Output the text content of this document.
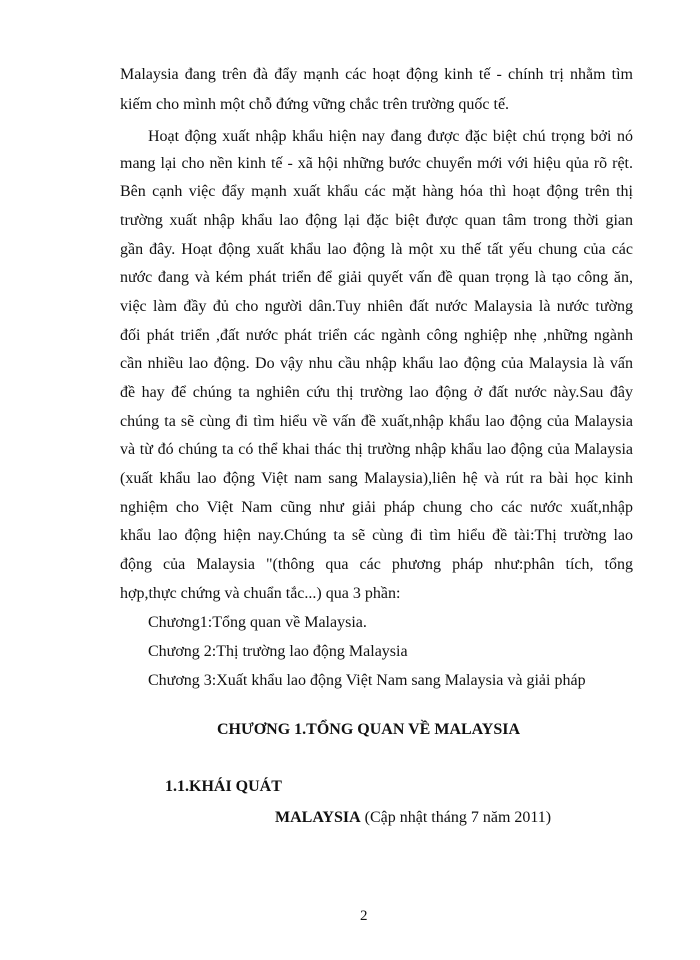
Malaysia đang trên đà đẩy mạnh các hoạt động kinh tế - chính trị nhằm tìm
kiếm cho mình một chỗ đứng vững chắc trên trường quốc tế.
Hoạt động xuất nhập khẩu hiện nay đang được đặc biệt chú trọng bởi nó
mang lại cho nền kinh tế - xã hội những bước chuyển mới với hiệu qủa rõ rệt.
Bên cạnh việc đẩy mạnh xuất khẩu các mặt hàng hóa thì hoạt động trên thị
trường xuất nhập khẩu lao động lại đặc biệt được quan tâm trong thời gian
gần đây. Hoạt động xuất khẩu lao động là một xu thế tất yếu chung của các
nước đang và kém phát triển để giải quyết vấn đề quan trọng là tạo công ăn,
việc làm đầy đủ cho người dân.Tuy nhiên đất nước Malaysia là nước tường
đối phát triển ,đất nước phát triển các ngành công nghiệp nhẹ ,những ngành
cần nhiều lao động. Do vậy nhu cầu nhập khẩu lao động của Malaysia là vấn
đề hay để chúng ta nghiên cứu thị trường lao động ở đất nước này.Sau đây
chúng ta sẽ cùng đi tìm hiểu về vấn đề xuất,nhập khẩu lao động của Malaysia
và từ đó chúng ta có thể khai thác thị trường nhập khẩu lao động của Malaysia
(xuất khẩu lao động Việt nam sang Malaysia),liên hệ và rút ra bài học kinh
nghiệm cho Việt Nam cũng như giải pháp chung cho các nước xuất,nhập
khẩu lao động hiện nay.Chúng ta sẽ cùng đi tìm hiểu đề tài:Thị trường lao
động của Malaysia "(thông qua các phương pháp như:phân tích, tổng
hợp,thực chứng và chuẩn tắc...) qua 3 phần:
Chương1:Tổng quan về Malaysia.
Chương 2:Thị trường lao động Malaysia
Chương 3:Xuất khẩu lao động Việt Nam sang Malaysia và giải pháp
CHƯƠNG 1.TỔNG QUAN VỀ MALAYSIA
1.1.KHÁI QUÁT
MALAYSIA (Cập nhật tháng 7 năm 2011)
2
